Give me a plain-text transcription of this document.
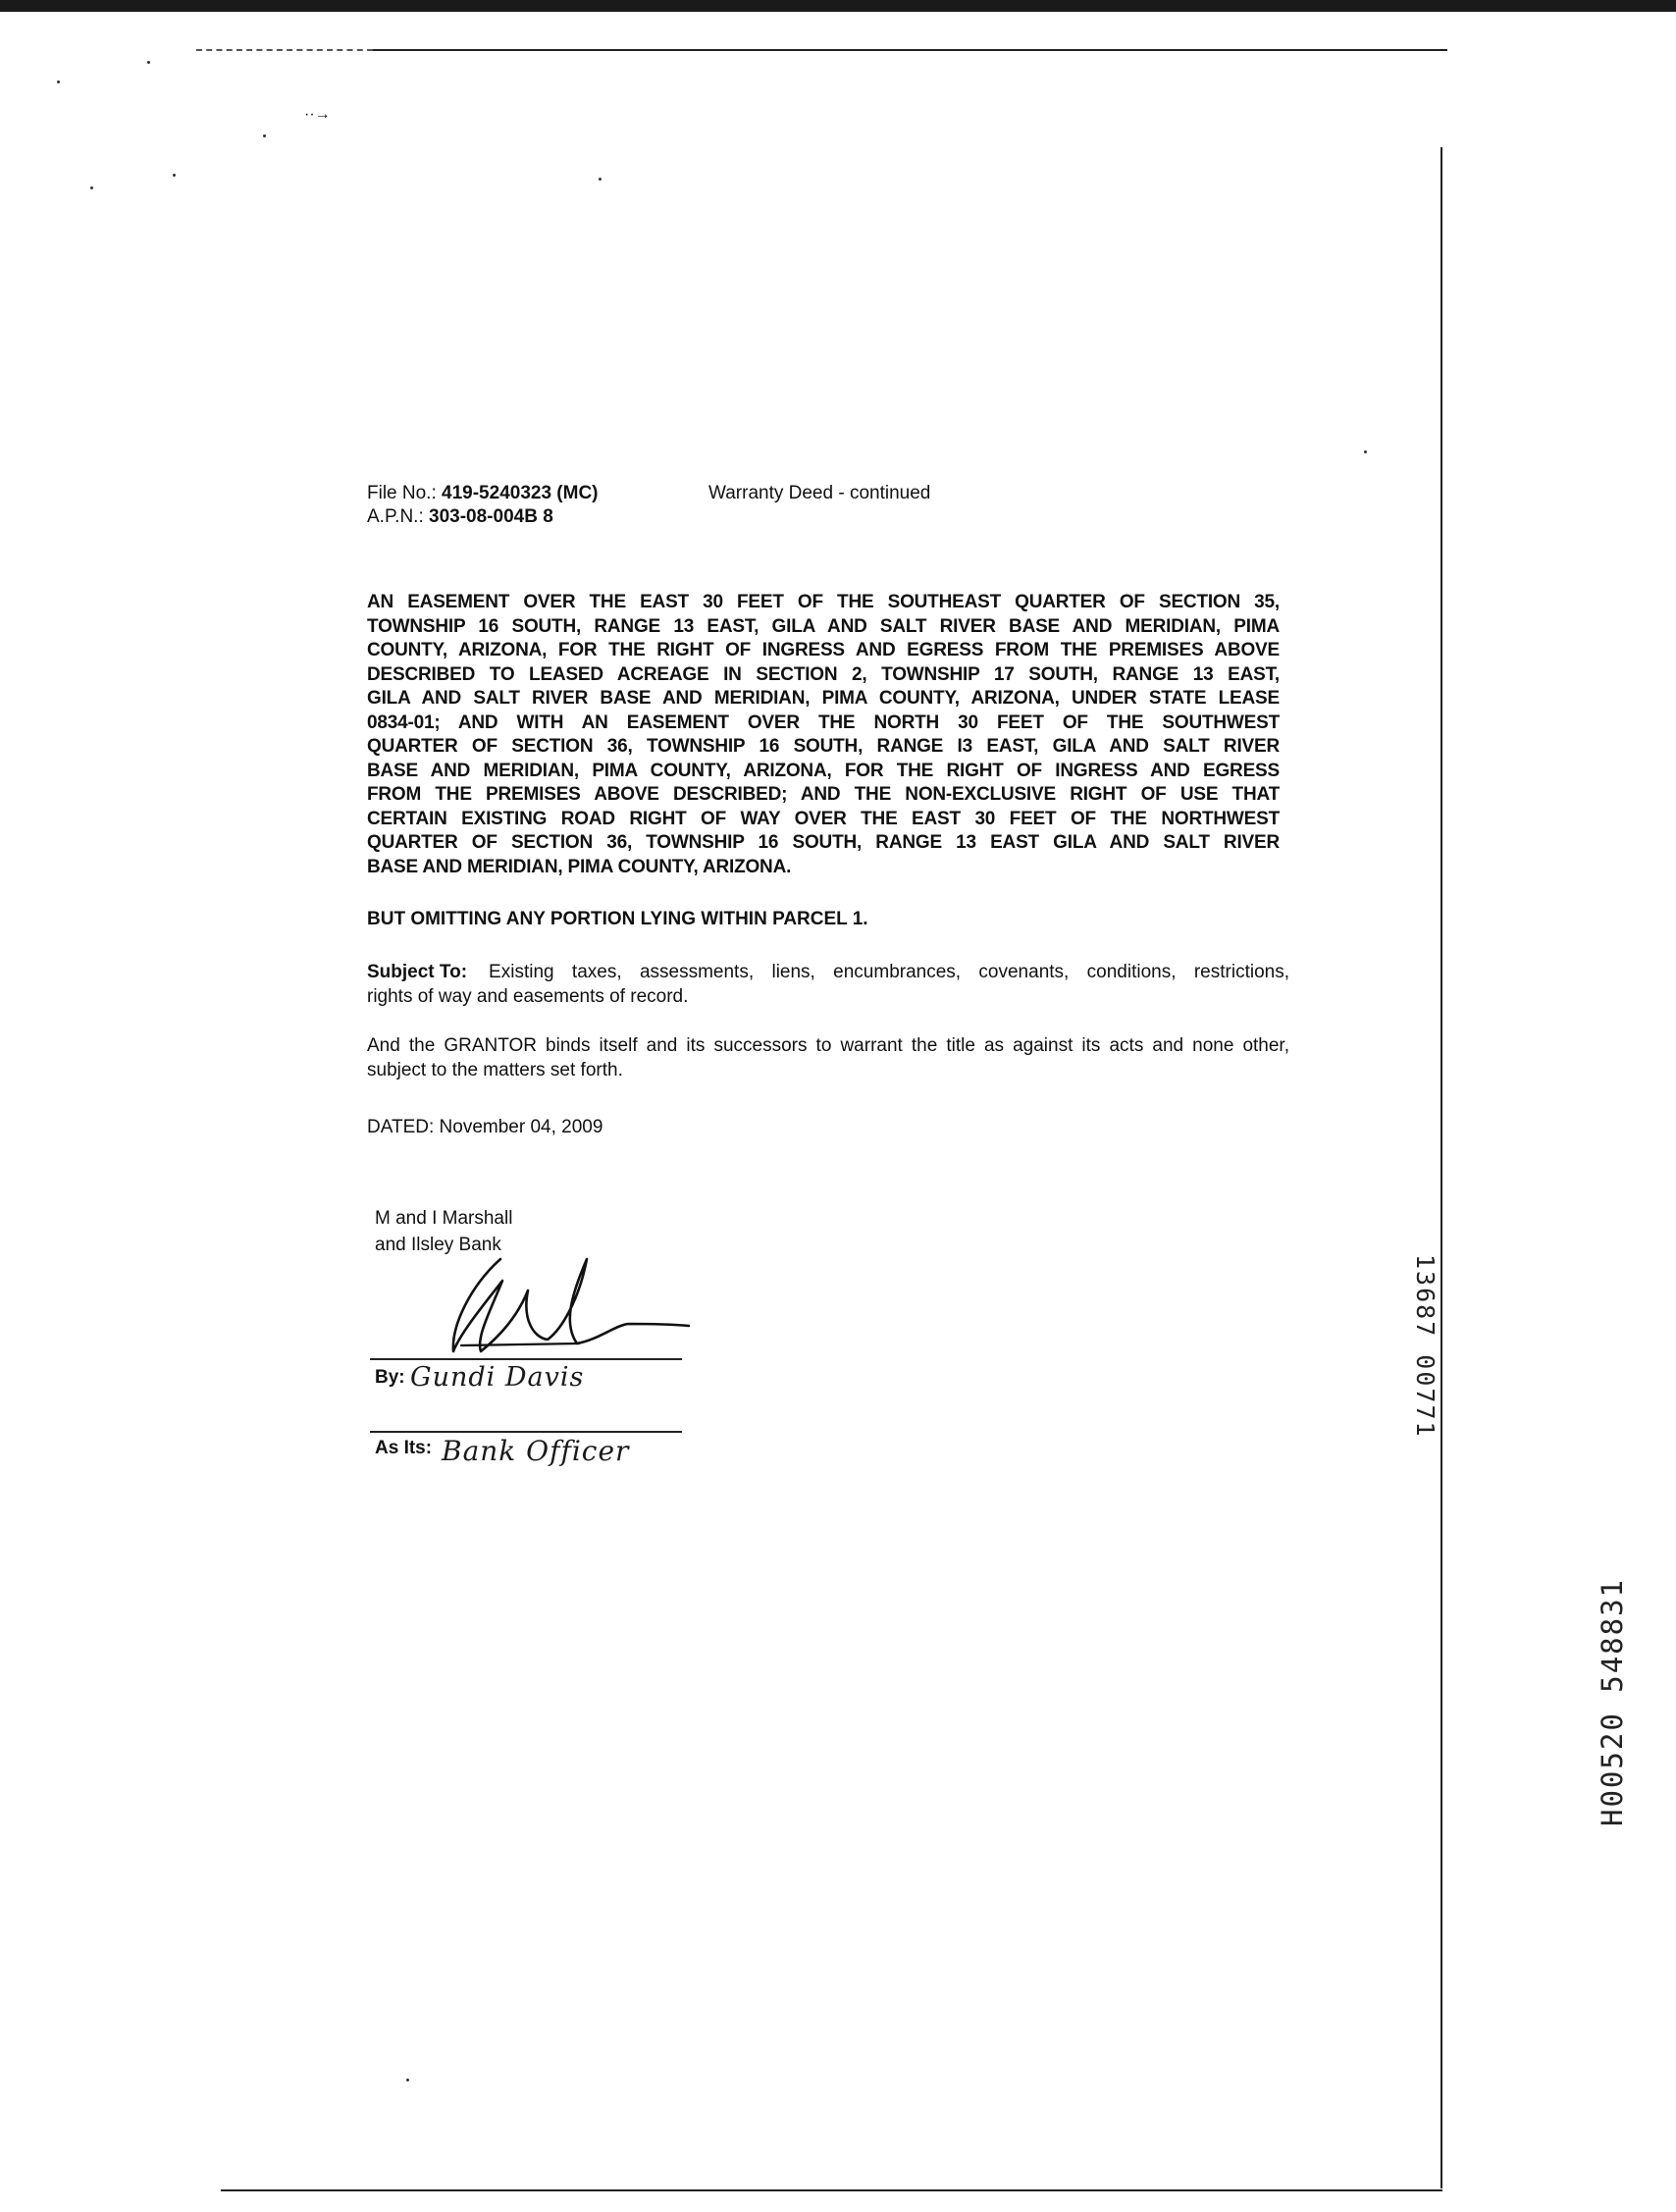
··→
File No.: 419-5240323 (MC)
A.P.N.: 303-08-004B 8
Warranty Deed - continued
AN EASEMENT OVER THE EAST 30 FEET OF THE SOUTHEAST QUARTER OF SECTION 35,
TOWNSHIP 16 SOUTH, RANGE 13 EAST, GILA AND SALT RIVER BASE AND MERIDIAN, PIMA
COUNTY, ARIZONA, FOR THE RIGHT OF INGRESS AND EGRESS FROM THE PREMISES ABOVE
DESCRIBED TO LEASED ACREAGE IN SECTION 2, TOWNSHIP 17 SOUTH, RANGE 13 EAST,
GILA AND SALT RIVER BASE AND MERIDIAN, PIMA COUNTY, ARIZONA, UNDER STATE LEASE
0834-01; AND WITH AN EASEMENT OVER THE NORTH 30 FEET OF THE SOUTHWEST
QUARTER OF SECTION 36, TOWNSHIP 16 SOUTH, RANGE I3 EAST, GILA AND SALT RIVER
BASE AND MERIDIAN, PIMA COUNTY, ARIZONA, FOR THE RIGHT OF INGRESS AND EGRESS
FROM THE PREMISES ABOVE DESCRIBED; AND THE NON-EXCLUSIVE RIGHT OF USE THAT
CERTAIN EXISTING ROAD RIGHT OF WAY OVER THE EAST 30 FEET OF THE NORTHWEST
QUARTER OF SECTION 36, TOWNSHIP 16 SOUTH, RANGE 13 EAST GILA AND SALT RIVER
BASE AND MERIDIAN, PIMA COUNTY, ARIZONA.
BUT OMITTING ANY PORTION LYING WITHIN PARCEL 1.
Subject To: Existing taxes, assessments, liens, encumbrances, covenants, conditions, restrictions,
rights of way and easements of record.
And the GRANTOR binds itself and its successors to warrant the title as against its acts and none other,
subject to the matters set forth.
DATED: November 04, 2009
M and I Marshall
and Ilsley Bank
By: Gundi Davis
As Its: Bank Officer
13687 00771
H00520 548831
